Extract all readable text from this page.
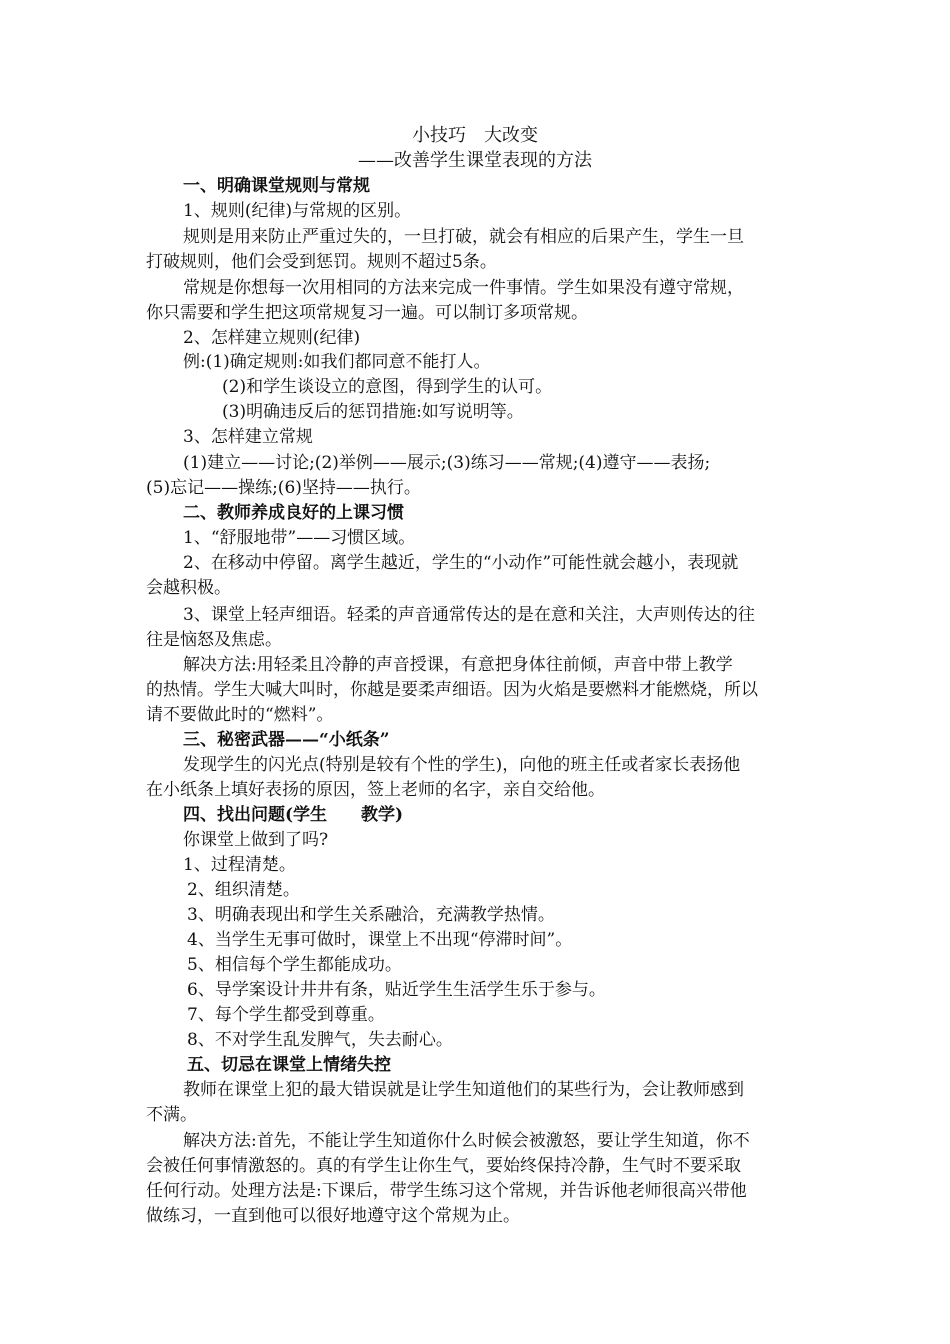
小技巧　大改变
——改善学生课堂表现的方法
一、明确课堂规则与常规
1、规则(纪律)与常规的区别。
规则是用来防止严重过失的，一旦打破，就会有相应的后果产生，学生一旦
打破规则，他们会受到惩罚。规则不超过5条。
常规是你想每一次用相同的方法来完成一件事情。学生如果没有遵守常规，
你只需要和学生把这项常规复习一遍。可以制订多项常规。
2、怎样建立规则(纪律)
例:(1)确定规则:如我们都同意不能打人。
(2)和学生谈设立的意图，得到学生的认可。
(3)明确违反后的惩罚措施:如写说明等。
3、怎样建立常规
(1)建立——讨论;(2)举例——展示;(3)练习——常规;(4)遵守——表扬;
(5)忘记——操练;(6)坚持——执行。
二、教师养成良好的上课习惯
1、“舒服地带”——习惯区域。
2、在移动中停留。离学生越近，学生的“小动作”可能性就会越小，表现就
会越积极。
3、课堂上轻声细语。轻柔的声音通常传达的是在意和关注，大声则传达的往
往是恼怒及焦虑。
解决方法:用轻柔且冷静的声音授课，有意把身体往前倾，声音中带上教学
的热情。学生大喊大叫时，你越是要柔声细语。因为火焰是要燃料才能燃烧，所以
请不要做此时的“燃料”。
三、秘密武器——“小纸条”
发现学生的闪光点(特别是较有个性的学生)，向他的班主任或者家长表扬他
在小纸条上填好表扬的原因，签上老师的名字，亲自交给他。
四、找出问题(学生　　教学)
你课堂上做到了吗?
1、过程清楚。
2、组织清楚。
3、明确表现出和学生关系融洽，充满教学热情。
4、当学生无事可做时，课堂上不出现“停滞时间”。
5、相信每个学生都能成功。
6、导学案设计井井有条，贴近学生生活学生乐于参与。
7、每个学生都受到尊重。
8、不对学生乱发脾气，失去耐心。
五、切忌在课堂上情绪失控
教师在课堂上犯的最大错误就是让学生知道他们的某些行为，会让教师感到
不满。
解决方法:首先，不能让学生知道你什么时候会被激怒，要让学生知道，你不
会被任何事情激怒的。真的有学生让你生气，要始终保持冷静，生气时不要采取
任何行动。处理方法是:下课后，带学生练习这个常规，并告诉他老师很高兴带他
做练习，一直到他可以很好地遵守这个常规为止。
